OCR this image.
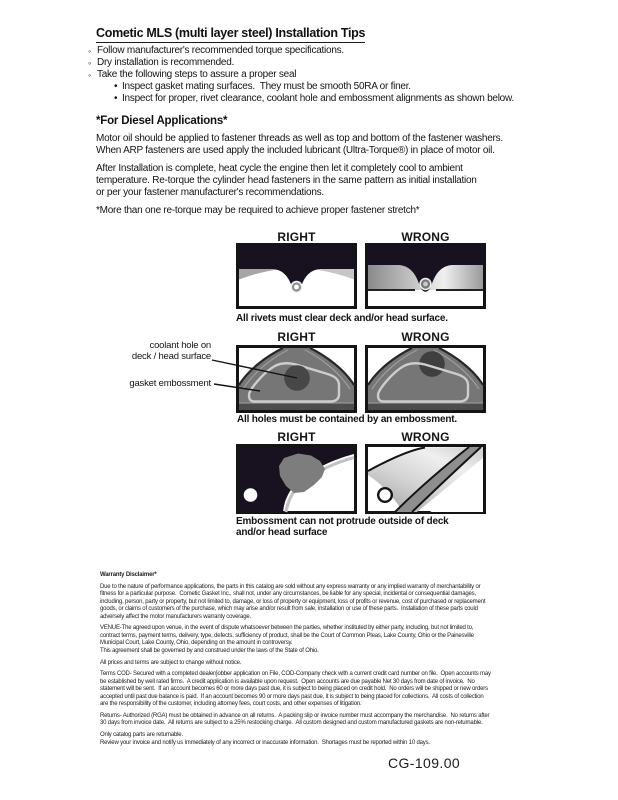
Cometic MLS (multi layer steel) Installation Tips
◦ Follow manufacturer's recommended torque specifications.
◦ Dry installation is recommended.
◦ Take the following steps to assure a proper seal
• Inspect gasket mating surfaces.  They must be smooth 50RA or finer.
• Inspect for proper, rivet clearance, coolant hole and embossment alignments as shown below.
*For Diesel Applications*
Motor oil should be applied to fastener threads as well as top and bottom of the fastener washers.
When ARP fasteners are used apply the included lubricant (Ultra-Torque®) in place of motor oil.
After Installation is complete, heat cycle the engine then let it completely cool to ambient
temperature. Re-torque the cylinder head fasteners in the same pattern as initial installation
or per your fastener manufacturer's recommendations.
*More than one re-torque may be required to achieve proper fastener stretch*
RIGHT	WRONG
All rivets must clear deck and/or head surface.
RIGHT	WRONG
coolant hole on
deck / head surface
gasket embossment
All holes must be contained by an embossment.
RIGHT	WRONG
Embossment can not protrude outside of deck
and/or head surface

Warranty Disclaimer*

Due to the nature of performance applications, the parts in this catalog are sold without any express warranty or any implied warranty of merchantability or
fitness for a particular purpose.  Cometic Gasket Inc., shall not, under any circumstances, be liable for any special, incidental or consequential damages,
including, person, party or property, but not limited to, damage, or loss of property or equipment, loss of profits or revenue, cost of purchased or replacement
goods, or claims of customers of the purchase, which may arise and/or result from sale, installation or use of these parts.  Installation of these parts could
adversely affect the motor manufacturers warranty coverage.

VENUE-The agreed upon venue, in the event of dispute whatsoever between the parties, whether instituted by either party, including, but not limited to,
contract terms, payment terms, delivery, type, defects, sufficiency of product, shall be the Court of Common Pleas, Lake County, Ohio or the Painesville
Municipal Court, Lake County, Ohio, depending on the amount in controversy.
This agreement shall be governed by and construed under the laws of the State of Ohio.

All prices and terms are subject to change without notice.

Terms COD- Secured with a completed dealer/jobber application on File, COD-Company check with a current credit card number on file.  Open accounts may
be established by well rated firms.  A credit application is available upon request.  Open accounts are due payable Net 30 days from date of invoice.  No
statement will be sent.  If an account becomes 60 or more days past due, it is subject to being placed on credit hold.  No orders will be shipped or new orders
accepted until past due balance is paid.  If an account becomes 90 or more days past due, it is subject to being placed for collections.  All costs of collection
are the responsibility of the customer, including attorney fees, court costs, and other expenses of litigation.

Returns- Authorized (RGA) must be obtained in advance on all returns.  A packing slip or invoice number must accompany the merchandise.  No returns after
30 days from invoice date.  All returns are subject to a 25% restocking charge.  All custom designed and custom manufactured gaskets are non-returnable.

Only catalog parts are returnable.
Review your invoice and notify us immediately of any incorrect or inaccurate information.  Shortages must be reported within 10 days.

CG-109.00
